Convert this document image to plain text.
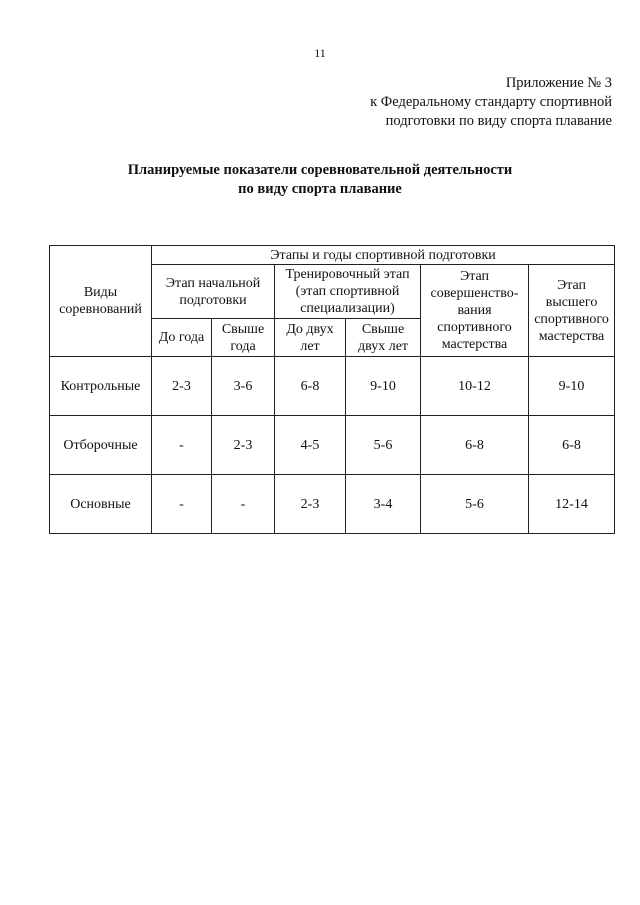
11
Приложение № 3
к Федеральному стандарту спортивной
подготовки по виду спорта плавание
Планируемые показатели соревновательной деятельности
по виду спорта плавание
Виды соревнований	Этапы и годы спортивной подготовки					
	Этап начальной подготовки		Тренировочный этап (этап спортивной специализации)		Этап совершенство-вания спортивного мастерства	Этап высшего спортивного мастерства
	До года	Свыше года	До двух лет	Свыше двух лет		
Контрольные	2-3	3-6	6-8	9-10	10-12	9-10
Отборочные	-	2-3	4-5	5-6	6-8	6-8
Основные	-	-	2-3	3-4	5-6	12-14
